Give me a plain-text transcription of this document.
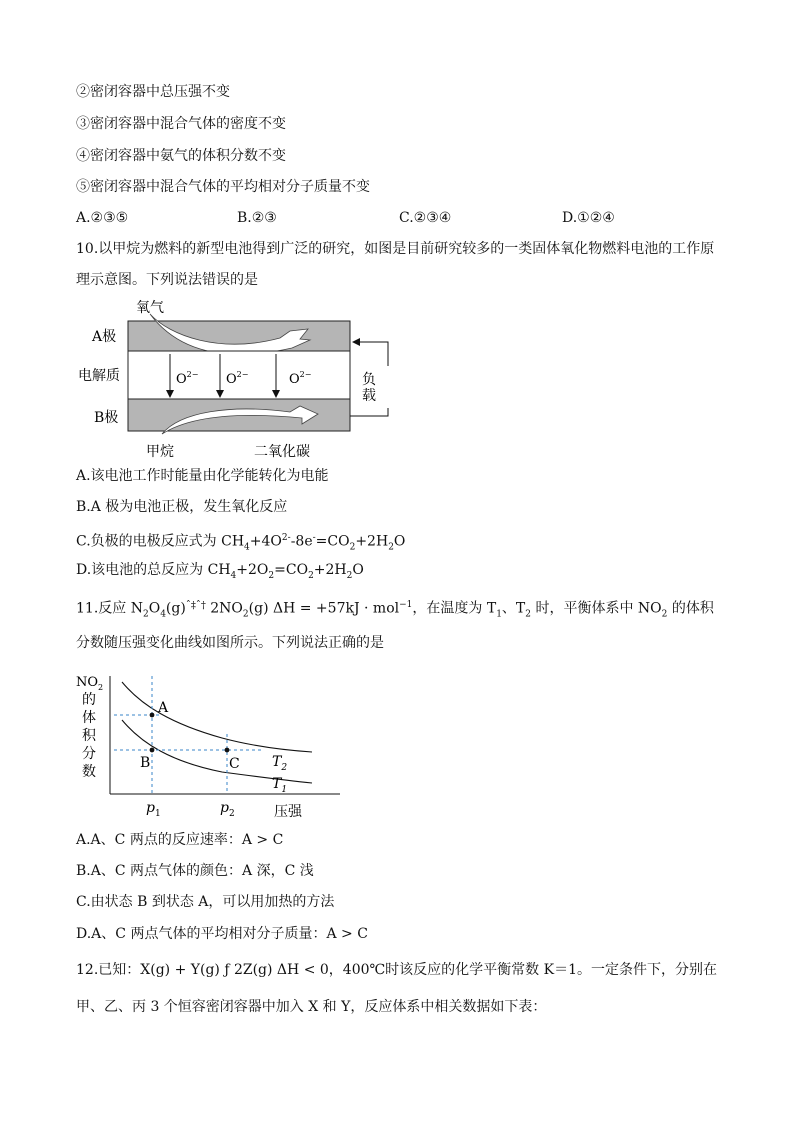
②密闭容器中总压强不变
③密闭容器中混合气体的密度不变
④密闭容器中氨气的体积分数不变
⑤密闭容器中混合气体的平均相对分子质量不变
A.②③⑤	B.②③	C.②③④	D.①②④
10.以甲烷为燃料的新型电池得到广泛的研究，如图是目前研究较多的一类固体氧化物燃料电池的工作原
理示意图。下列说法错误的是
$O^{2-}$ $O^{2-}$	$O^{2-}$	负
载
氧气
A极
电解质
B极
甲烷	二氧化碳
A.该电池工作时能量由化学能转化为电能
B.A 极为电池正极，发生氧化反应
C.负极的电极反应式为 $CH_4+4O^{2-}-8e^-=CO_2+2H_2O$
D.该电池的总反应为 $CH_4+2O_2=CO_2+2H_2O$
11.反应 $N_2O_4(g)^{ˆ\ddagger ˆ\dagger}$ $2NO_2(g) \Delta H = +57kJ \cdot mol^{-1}$，在温度为 $T_1$、$T_2$ 时，平衡体系中 $NO_2$ 的体积
分数随压强变化曲线如图所示。下列说法正确的是
A
B	C $T_2$
$T_1$
$NO_2$
的
体
积
分
数
$p_1$	$p_2$	压强
A.A、C 两点的反应速率：A > C
B.A、C 两点气体的颜色：A 深，C 浅
C.由状态 B 到状态 A，可以用加热的方法
D.A、C 两点气体的平均相对分子质量：A > C
12.已知：X(g) + Y(g) ƒ 2Z(g) ΔH < 0，400℃时该反应的化学平衡常数 K＝1。一定条件下，分别在
甲、乙、丙 3 个恒容密闭容器中加入 X 和 Y，反应体系中相关数据如下表：
